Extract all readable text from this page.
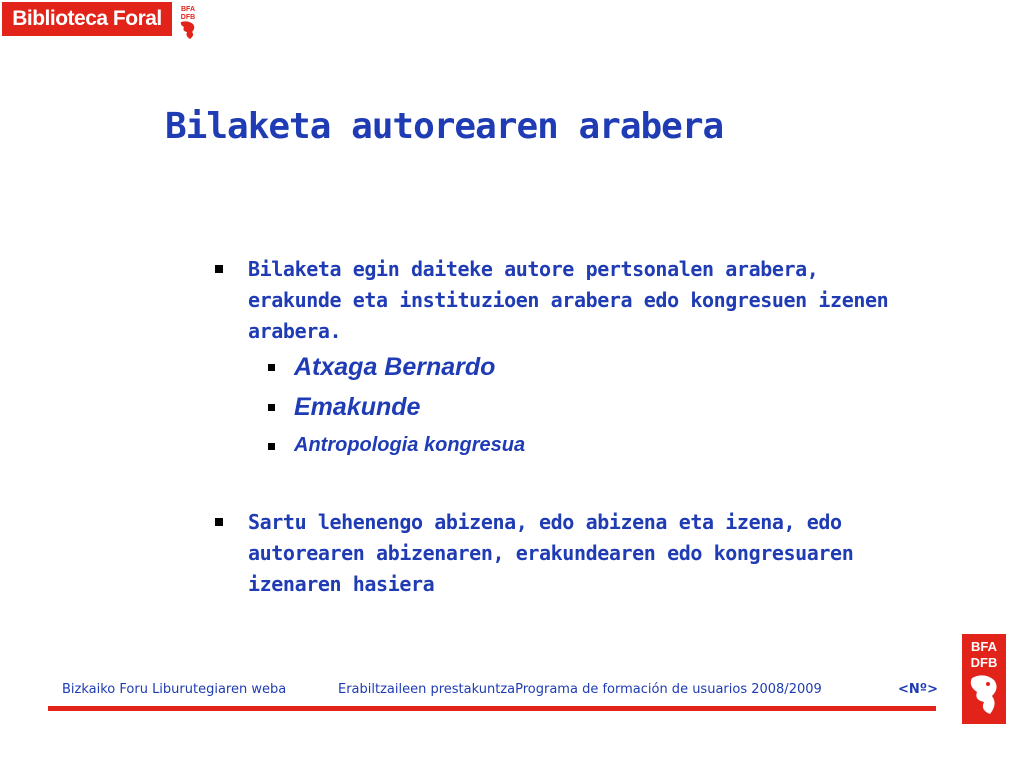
Biblioteca Foral	BFA
DFB
Bilaketa autorearen arabera
Bilaketa egin daiteke autore pertsonalen arabera, erakunde eta instituzioen arabera edo kongresuen izenen arabera.
Atxaga Bernardo
Emakunde
Antropologia kongresua
Sartu lehenengo abizena, edo abizena eta izena, edo autorearen abizenaren, erakundearen edo kongresuaren izenaren hasiera
Bizkaiko Foru Liburutegiaren weba	Erabiltzaileen prestakuntzaPrograma de formación de usuarios 2008/2009	<Nº>
BFA
DFB
